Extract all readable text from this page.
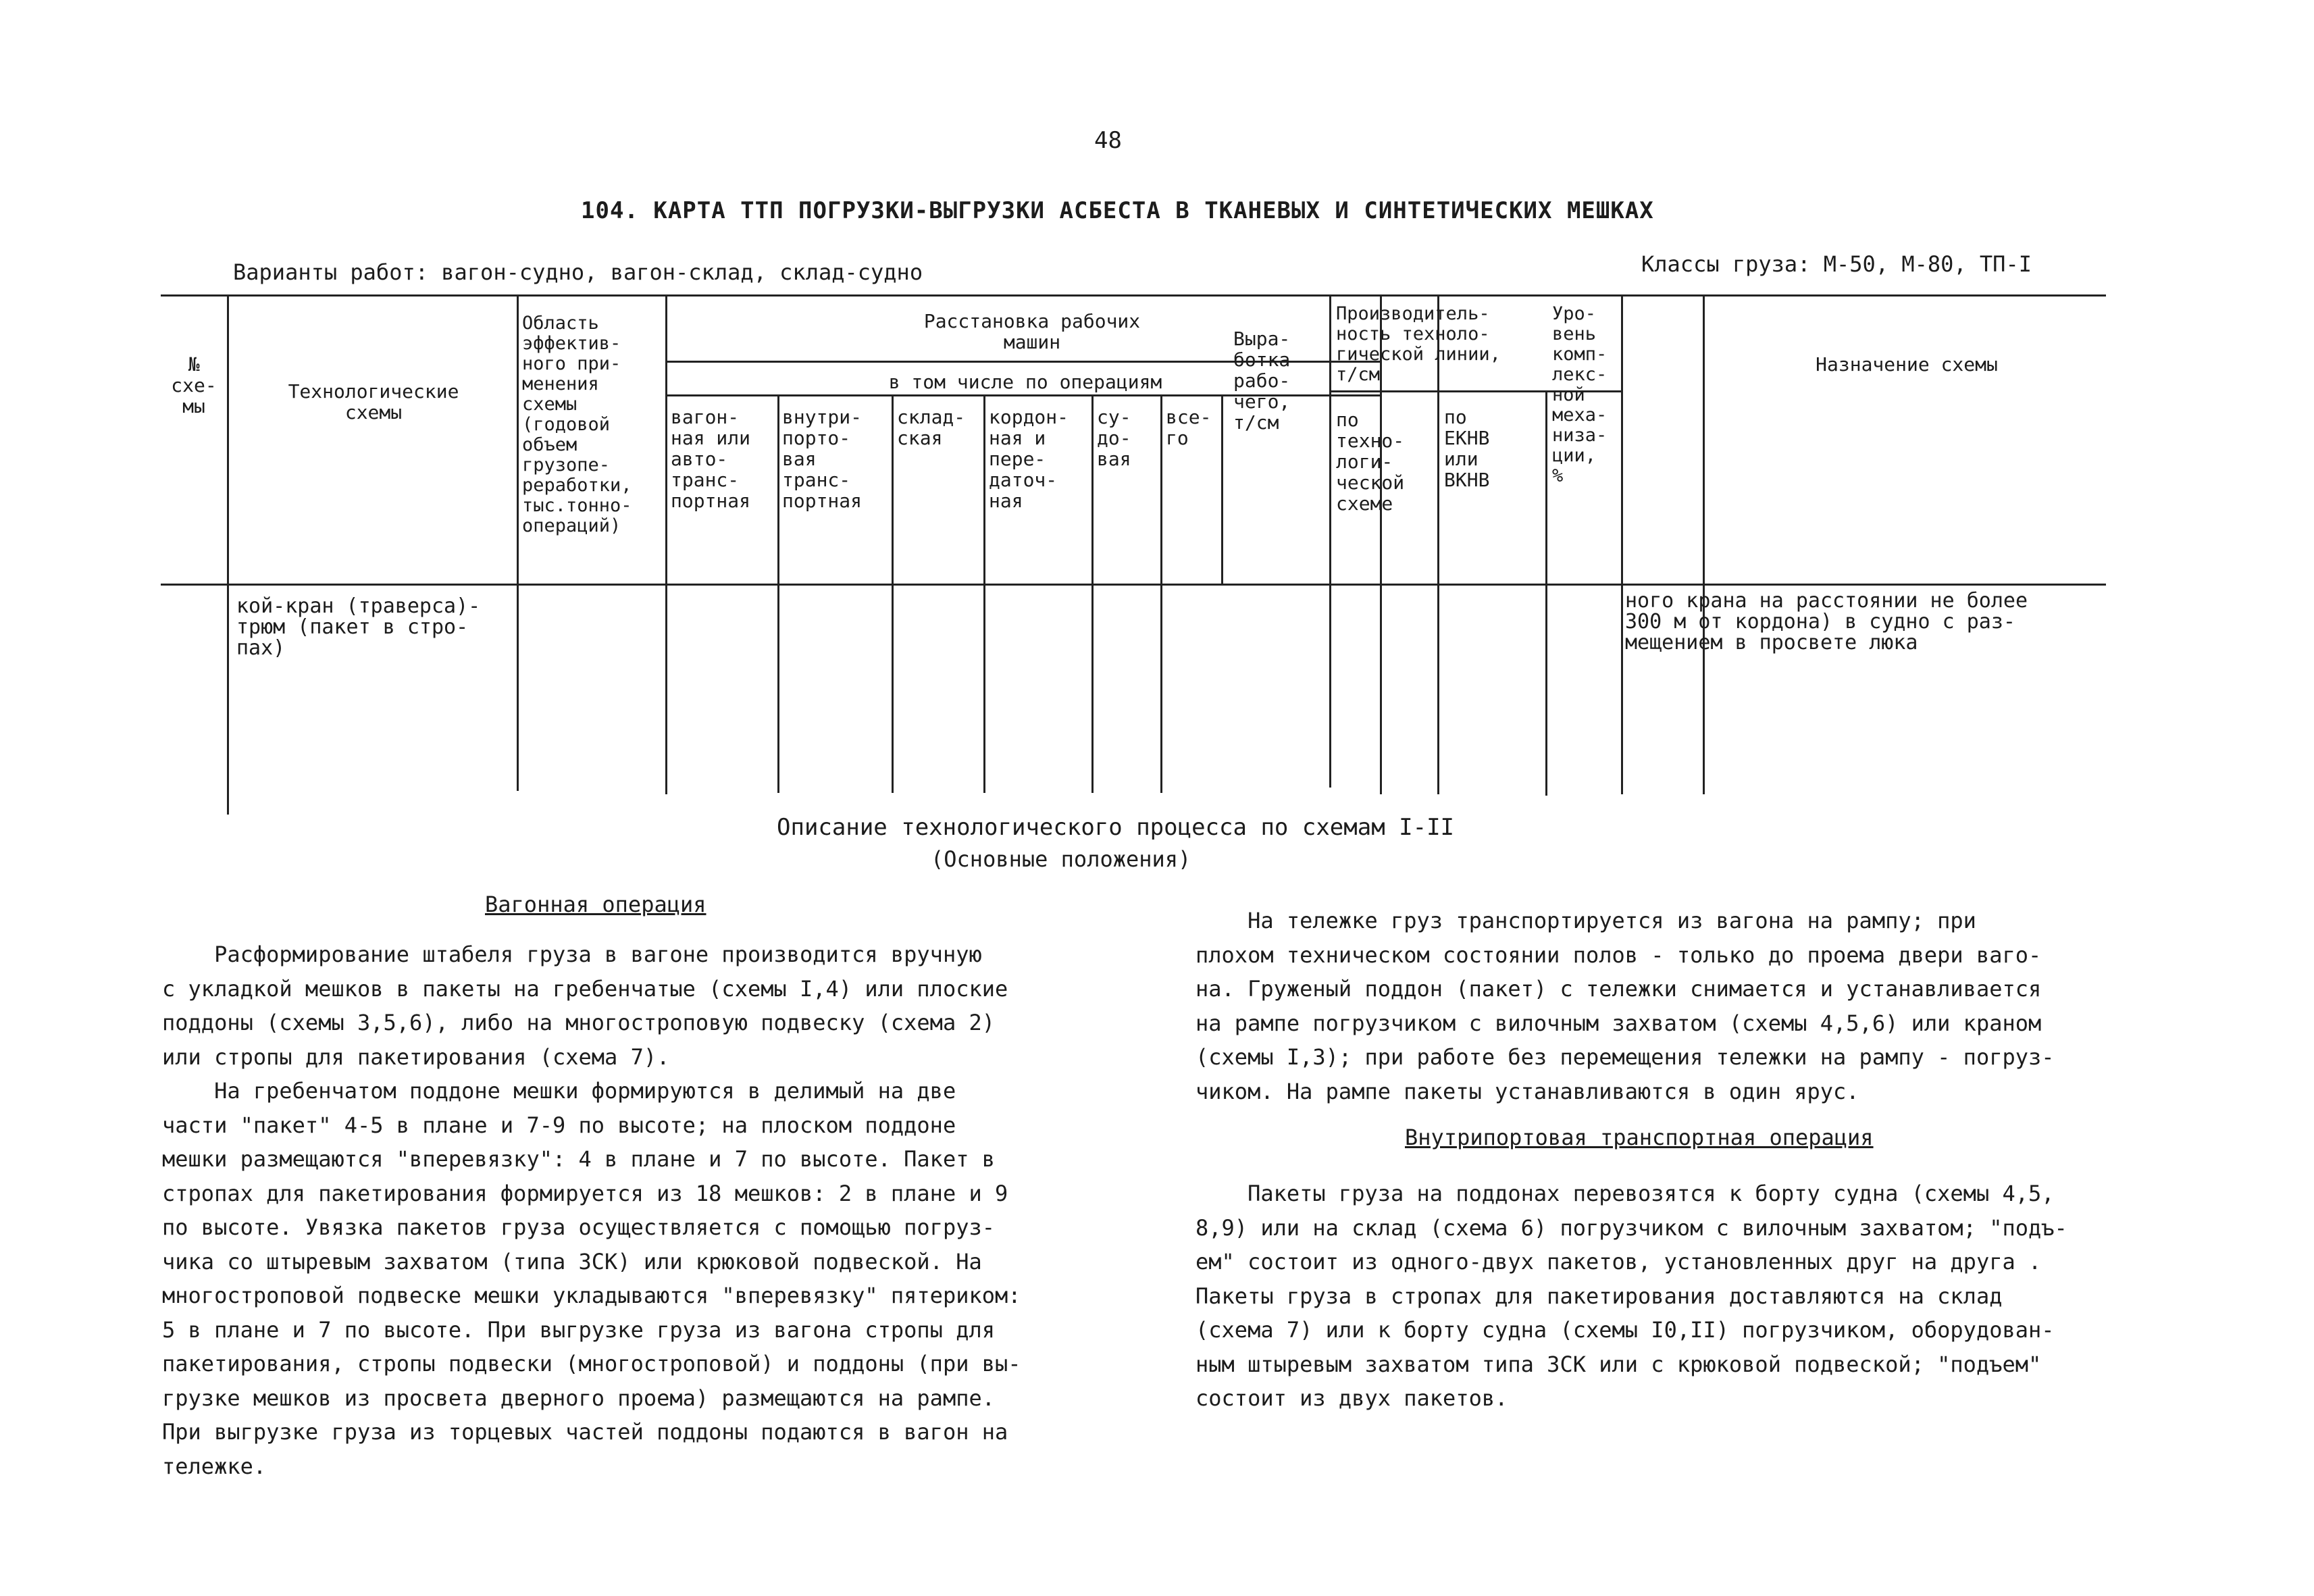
48
104. КАРТА ТТП ПОГРУЗКИ-ВЫГРУЗКИ АСБЕСТА В ТКАНЕВЫХ И СИНТЕТИЧЕСКИХ МЕШКАХ
Варианты работ: вагон-судно, вагон-склад, склад-судно	Классы груза: М-50, М-80, ТП-I
№
схе-
мы
Технологические
схемы
Область
эффектив-
ного при-
менения
схемы
(годовой
объем
грузопе-
реработки,
тыс.тонно-
операций)
Расстановка рабочих
машин
в том числе по операциям
вагон-
ная или
авто-
транс-
портная
внутри-
порто-
вая
транс-
портная
склад-
ская
кордон-
ная и
пере-
даточ-
ная
су-
до-
вая
все-
го
Выра-
ботка
рабо-
чего,
т/см
Производитель-
ность техноло-
гической линии,
т/см
по
техно-
логи-
ческой
схеме
по
ЕКНВ
или
ВКНВ
Уро-
вень
комп-
лекс-
ной
меха-
низа-
ции,
%
Назначение схемы
кой-кран (траверса)-
трюм (пакет в стро-
пах)
ного крана на расстоянии не более
300 м от кордона) в судно с раз-
мещением в просвете люка
Описание технологического процесса по схемам I-II
(Основные положения)
Вагонная операция
Расформирование штабеля груза в вагоне производится вручную
с укладкой мешков в пакеты на гребенчатые (схемы I,4) или плоские
поддоны (схемы 3,5,6), либо на многостроповую подвеску (схема 2)
или стропы для пакетирования (схема 7).
На гребенчатом поддоне мешки формируются в делимый на две
части "пакет" 4-5 в плане и 7-9 по высоте; на плоском поддоне
мешки размещаются "вперевязку": 4 в плане и 7 по высоте. Пакет в
стропах для пакетирования формируется из 18 мешков: 2 в плане и 9
по высоте. Увязка пакетов груза осуществляется с помощью погруз-
чика со штыревым захватом (типа ЗСК) или крюковой подвеской. На
многостроповой подвеске мешки укладываются "вперевязку" пятериком:
5 в плане и 7 по высоте. При выгрузке груза из вагона стропы для
пакетирования, стропы подвески (многостроповой) и поддоны (при вы-
грузке мешков из просвета дверного проема) размещаются на рампе.
При выгрузке груза из торцевых частей поддоны подаются в вагон на
тележке.
На тележке груз транспортируется из вагона на рампу; при
плохом техническом состоянии полов - только до проема двери ваго-
на. Груженый поддон (пакет) с тележки снимается и устанавливается
на рампе погрузчиком с вилочным захватом (схемы 4,5,6) или краном
(схемы I,3); при работе без перемещения тележки на рампу - погруз-
чиком. На рампе пакеты устанавливаются в один ярус.
Внутрипортовая транспортная операция
Пакеты груза на поддонах перевозятся к борту судна (схемы 4,5,
8,9) или на склад (схема 6) погрузчиком с вилочным захватом; "подъ-
ем" состоит из одного-двух пакетов, установленных друг на друга .
Пакеты груза в стропах для пакетирования доставляются на склад
(схема 7) или к борту судна (схемы I0,II) погрузчиком, оборудован-
ным штыревым захватом типа ЗСК или с крюковой подвеской; "подъем"
состоит из двух пакетов.
